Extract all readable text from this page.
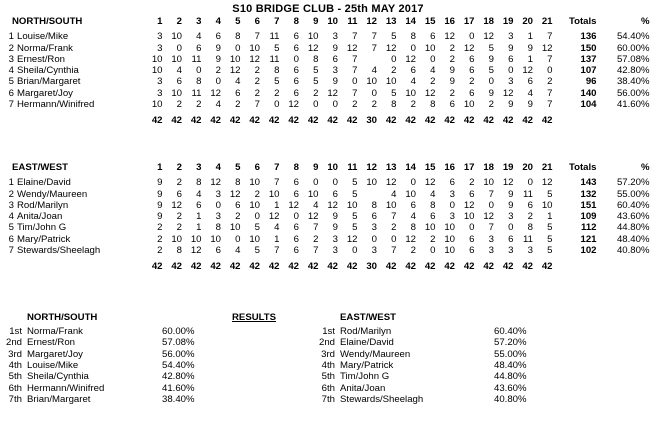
S10 BRIDGE CLUB - 25th MAY 2017
NORTH/SOUTH	1	2	3	4	5	6	7	8	9	10	11	12	13	14	15	16	17	18	19	20	21		Totals	%
1 Louise/Mike	3	10	4	6	8	7	11	6	10	3	7	7	5	8	6	12	0	12	3	1	7		136	54.40%
2 Norma/Frank	3	0	6	9	0	10	5	6	12	9	12	7	12	0	10	2	12	5	9	9	12		150	60.00%
3 Ernest/Ron	10	10	11	9	10	12	11	0	8	6	7		0	12	0	2	6	9	6	1	7		137	57.08%
4 Sheila/Cynthia	10	4	0	2	12	2	8	6	5	3	7	4	2	6	4	9	6	5	0	12	0		107	42.80%
5 Brian/Margaret	3	6	8	0	4	2	5	6	5	9	0	10	10	4	2	9	2	0	3	6	2		96	38.40%
6 Margaret/Joy	3	10	11	12	6	2	2	6	2	12	7	0	5	10	12	2	6	9	12	4	7		140	56.00%
7 Hermann/Winifred	10	2	2	4	2	7	0	12	0	0	2	2	8	2	8	6	10	2	9	9	7		104	41.60%
	42	42	42	42	42	42	42	42	42	42	42	30	42	42	42	42	42	42	42	42	42			
EAST/WEST	1	2	3	4	5	6	7	8	9	10	11	12	13	14	15	16	17	18	19	20	21		Totals	%
1 Elaine/David	9	2	8	12	8	10	7	6	0	0	5	10	12	0	12	6	2	10	12	0	12		143	57.20%
2 Wendy/Maureen	9	6	4	3	12	2	10	6	10	6	5		4	10	4	3	6	7	9	11	5		132	55.00%
3 Rod/Marilyn	9	12	6	0	6	10	1	12	4	12	10	8	10	6	8	0	12	0	9	6	10		151	60.40%
4 Anita/Joan	9	2	1	3	2	0	12	0	12	9	5	6	7	4	6	3	10	12	3	2	1		109	43.60%
5 Tim/John G	2	2	1	8	10	5	4	6	7	9	5	3	2	8	10	10	0	7	0	8	5		112	44.80%
6 Mary/Patrick	2	10	10	10	0	10	1	6	2	3	12	0	0	12	2	10	6	3	6	11	5		121	48.40%
7 Stewards/Sheelagh	2	8	12	6	4	5	7	6	7	3	0	3	7	2	0	10	6	3	3	3	5		102	40.80%
	42	42	42	42	42	42	42	42	42	42	42	30	42	42	42	42	42	42	42	42	42			
NORTH/SOUTH	RESULTS	EAST/WEST
1st Norma/Frank	60.00%
2nd Ernest/Ron	57.08%
3rd Margaret/Joy	56.00%
4th Louise/Mike	54.40%
5th Sheila/Cynthia	42.80%
6th Hermann/Winifred	41.60%
7th Brian/Margaret	38.40%
1st Rod/Marilyn	60.40%
2nd Elaine/David	57.20%
3rd Wendy/Maureen	55.00%
4th Mary/Patrick	48.40%
5th Tim/John G	44.80%
6th Anita/Joan	43.60%
7th Stewards/Sheelagh	40.80%
